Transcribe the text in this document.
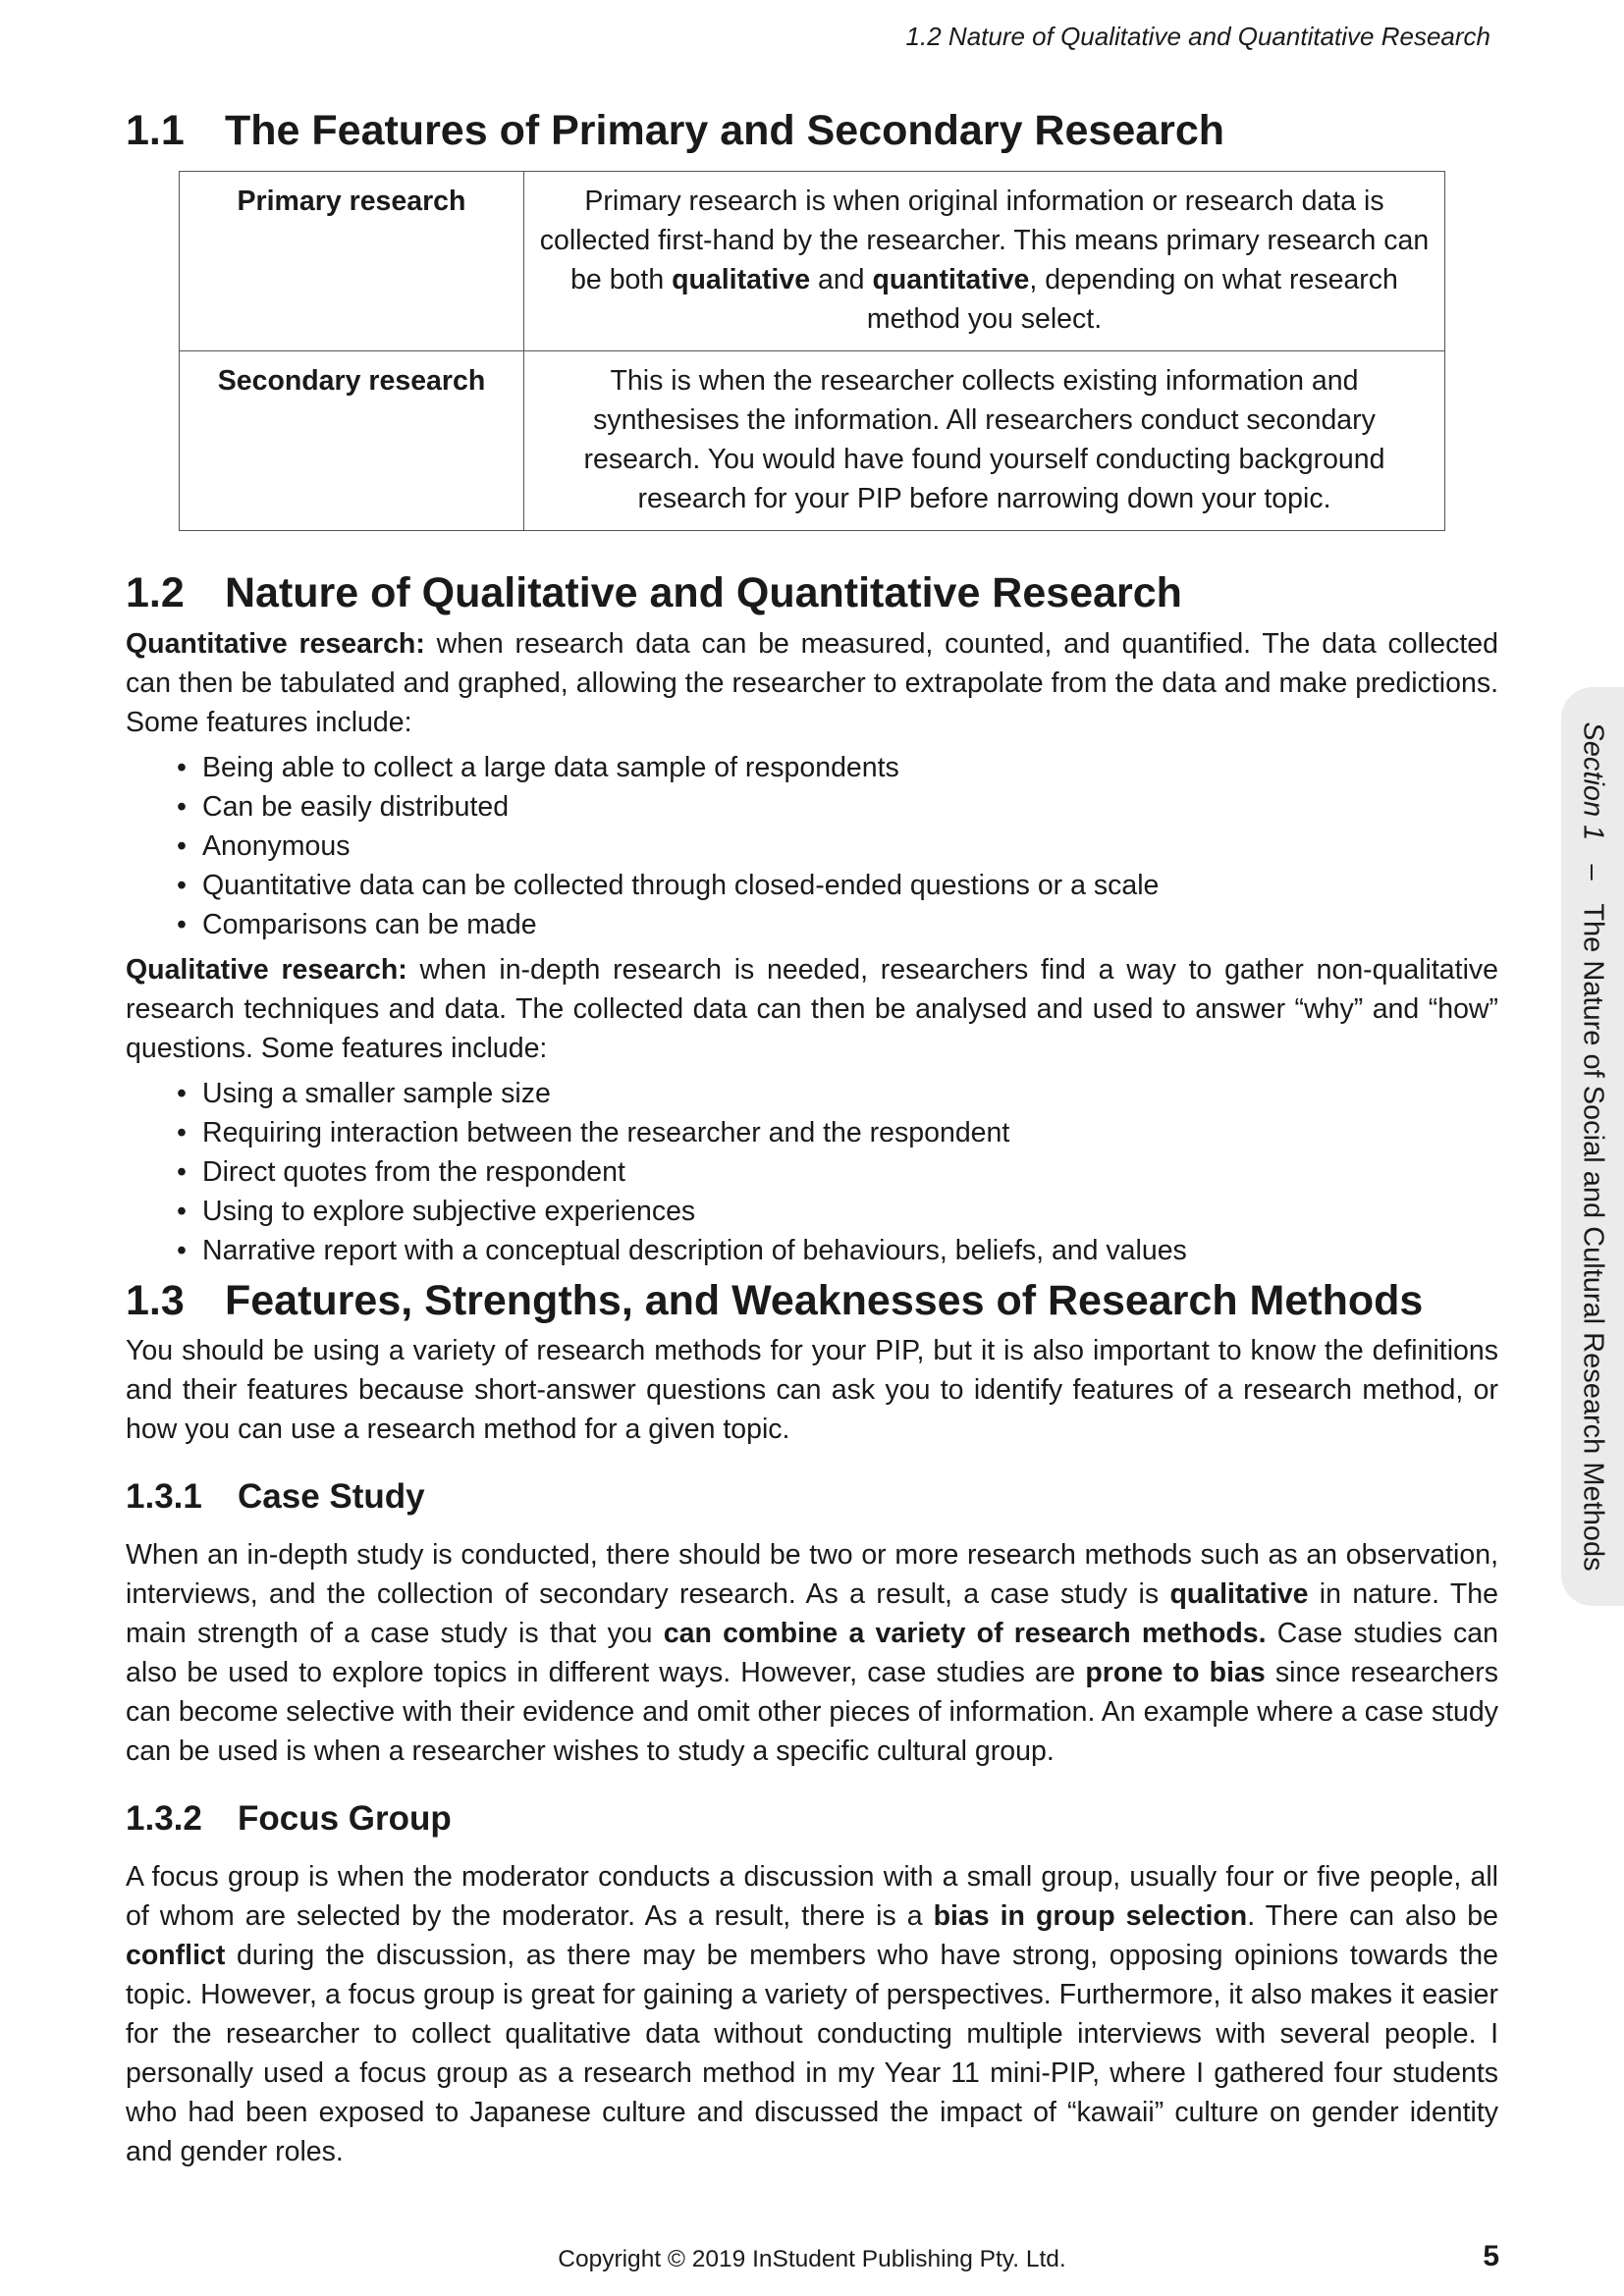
1.2 Nature of Qualitative and Quantitative Research
Section 1   –   The Nature of Social and Cultural Research Methods
1.1 The Features of Primary and Secondary Research
Primary research	Primary research is when original information or research data is collected first-hand by the researcher. This means primary research can be both qualitative and quantitative, depending on what research method you select.
Secondary research	This is when the researcher collects existing information and synthesises the information. All researchers conduct secondary research. You would have found yourself conducting background research for your PIP before narrowing down your topic.
1.2 Nature of Qualitative and Quantitative Research

Quantitative research: when research data can be measured, counted, and quantified. The data collected can then be tabulated and graphed, allowing the researcher to extrapolate from the data and make predictions. Some features include:

• Being able to collect a large data sample of respondents
• Can be easily distributed
• Anonymous
• Quantitative data can be collected through closed-ended questions or a scale
• Comparisons can be made

Qualitative research: when in-depth research is needed, researchers find a way to gather non-qualitative research techniques and data. The collected data can then be analysed and used to answer “why” and “how” questions. Some features include:

• Using a smaller sample size
• Requiring interaction between the researcher and the respondent
• Direct quotes from the respondent
• Using to explore subjective experiences
• Narrative report with a conceptual description of behaviours, beliefs, and values
1.3 Features, Strengths, and Weaknesses of Research Methods

You should be using a variety of research methods for your PIP, but it is also important to know the definitions and their features because short-answer questions can ask you to identify features of a research method, or how you can use a research method for a given topic.

1.3.1	Case Study

When an in-depth study is conducted, there should be two or more research methods such as an observation, interviews, and the collection of secondary research. As a result, a case study is qualitative in nature. The main strength of a case study is that you can combine a variety of research methods. Case studies can also be used to explore topics in different ways. However, case studies are prone to bias since researchers can become selective with their evidence and omit other pieces of information. An example where a case study can be used is when a researcher wishes to study a specific cultural group.

1.3.2	Focus Group

A focus group is when the moderator conducts a discussion with a small group, usually four or five people, all of whom are selected by the moderator. As a result, there is a bias in group selection. There can also be conflict during the discussion, as there may be members who have strong, opposing opinions towards the topic. However, a focus group is great for gaining a variety of perspectives. Furthermore, it also makes it easier for the researcher to collect qualitative data without conducting multiple interviews with several people. I personally used a focus group as a research method in my Year 11 mini-PIP, where I gathered four students who had been exposed to Japanese culture and discussed the impact of “kawaii” culture on gender identity and gender roles.

Copyright © 2019 InStudent Publishing Pty. Ltd.	5
